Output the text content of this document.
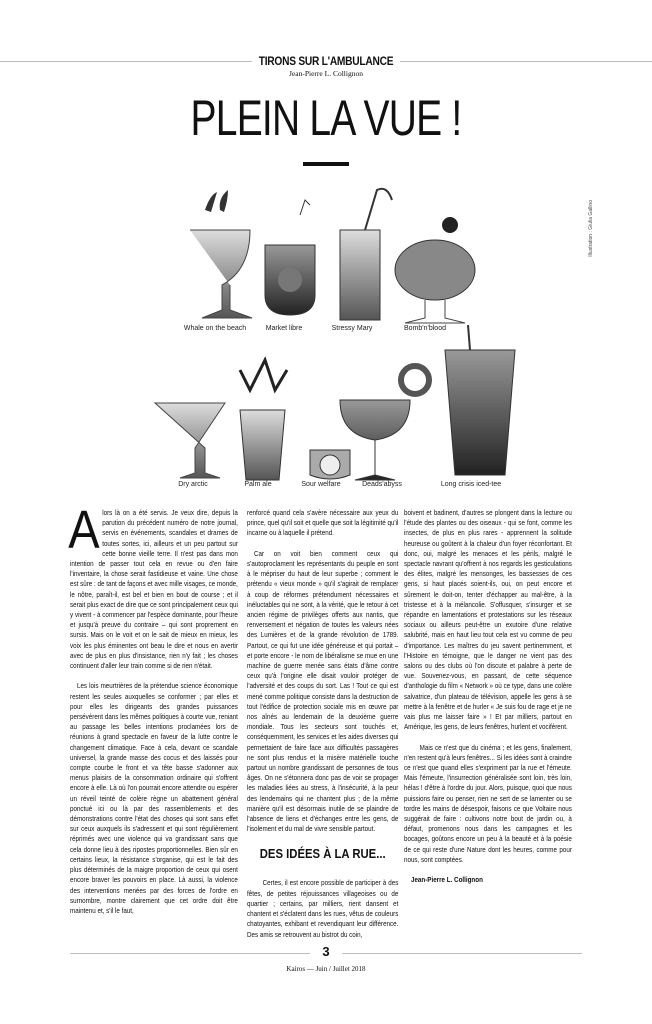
TIRONS SUR L'AMBULANCE
Jean-Pierre L. Collignon
PLEIN LA VUE !
Illustration : Giulia Gallino
Whale on the beach	Market libre	Stressy Mary	Bomb'n'blood
Dry arctic	Palm ale	Sour welfare	Deads'abyss	Long crisis iced-tee

Alors là on a été servis. Je veux dire, depuis la parution du précédent numéro de notre journal, servis en événements, scandales et drames de toutes sortes, ici, ailleurs et un peu partout sur cette bonne vieille terre. Il n'est pas dans mon intention de passer tout cela en revue ou d'en faire l'inventaire, la chose serait fastidieuse et vaine. Une chose est sûre : de tant de façons et avec mille visages, ce monde, le nôtre, paraît-il, est bel et bien en bout de course ; et il serait plus exact de dire que ce sont principalement ceux qui y vivent - à commencer par l'espèce dominante, pour l'heure et jusqu'à preuve du contraire – qui sont proprement en sursis. Mais on le voit et on le sait de mieux en mieux, les voix les plus éminentes ont beau le dire et nous en avertir avec de plus en plus d'insistance, rien n'y fait ; les choses continuent d'aller leur train comme si de rien n'était.

Les lois meurtrières de la prétendue science économique restent les seules auxquelles se conformer ; par elles et pour elles les dirigeants des grandes puissances persévèrent dans les mêmes politiques à courte vue, reniant au passage les belles intentions proclamées lors de réunions à grand spectacle en faveur de la lutte contre le changement climatique. Face à cela, devant ce scandale universel, la grande masse des cocus et des laissés pour compte courbe le front et va tête basse s'adonner aux menus plaisirs de la consommation ordinaire qui s'offrent encore à elle. Là où l'on pourrait encore attendre ou espérer un réveil teinté de colère règne un abattement général ponctué ici ou là par des rassemblements et des démonstrations contre l'état des choses qui sont sans effet sur ceux auxquels ils s'adressent et qui sont régulièrement réprimés avec une violence qui va grandissant sans que cela donne lieu à des ripostes proportionnelles. Bien sûr en certains lieux, la résistance s'organise, qui est le fait des plus déterminés de la maigre proportion de ceux qui osent encore braver les pouvoirs en place. Là aussi, la violence des interventions menées par des forces de l'ordre en surnombre, montre clairement que cet ordre doit être maintenu et, s'il le faut,

renforcé quand cela s'avère nécessaire aux yeux du prince, quel qu'il soit et quelle que soit la légitimité qu'il incarne ou à laquelle il prétend.

Car on voit bien comment ceux qui s'autoproclament les représentants du peuple en sont à le mépriser du haut de leur superbe ; comment le prétendu « vieux monde » qu'il s'agirait de remplacer à coup de réformes prétendument nécessaires et inéluctables qui ne sont, à la vérité, que le retour à cet ancien régime de privilèges offerts aux nantis, que renversement et négation de toutes les valeurs nées des Lumières et de la grande révolution de 1789. Partout, ce qui fut une idée généreuse et qui portait – et porte encore - le nom de libéralisme se mue en une machine de guerre menée sans états d'âme contre ceux qu'à l'origine elle disait vouloir protéger de l'adversité et des coups du sort. Las ! Tout ce qui est mené comme politique consiste dans la destruction de tout l'édifice de protection sociale mis en œuvre par nos aînés au lendemain de la deuxième guerre mondiale. Tous les secteurs sont touchés et, conséquemment, les services et les aides diverses qui permettaient de faire face aux difficultés passagères ne sont plus rendus et la misère matérielle touche partout un nombre grandissant de personnes de tous âges. On ne s'étonnera donc pas de voir se propager les maladies liées au stress, à l'insécurité, à la peur des lendemains qui ne chantent plus ; de la même manière qu'il est désormais inutile de se plaindre de l'absence de liens et d'échanges entre les gens, de l'isolement et du mal de vivre sensible partout.

DES IDÉES À LA RUE...

Certes, il est encore possible de participer à des fêtes, de petites réjouissances villageoises ou de quartier ; certains, par milliers, rient dansent et chantent et s'éclatent dans les rues, vêtus de couleurs chatoyantes, exhibant et revendiquant leur différence. Des amis se retrouvent au bistrot du coin,

boivent et badinent, d'autres se plongent dans la lecture ou l'étude des plantes ou des oiseaux - qui se font, comme les insectes, de plus en plus rares - apprennent la solitude heureuse ou goûtent à la chaleur d'un foyer réconfortant. Et donc, oui, malgré les menaces et les périls, malgré le spectacle navrant qu'offrent à nos regards les gesticulations des élites, malgré les mensonges, les bassesses de ces gens, si haut placés soient-ils, oui, on peut encore et sûrement le doit-on, tenter d'échapper au mal-être, à la tristesse et à la mélancolie. S'offusquer, s'insurger et se répandre en lamentations et protestations sur les réseaux sociaux ou ailleurs peut-être un exutoire d'une relative salubrité, mais en haut lieu tout cela est vu comme de peu d'importance. Les maîtres du jeu savent pertinemment, et l'Histoire en témoigne, que le danger ne vient pas des salons ou des clubs où l'on discute et palabre à perte de vue. Souvenez-vous, en passant, de cette séquence d'anthologie du film « Network » où ce type, dans une colère salvatrice, d'un plateau de télévision, appelle les gens à se mettre à la fenêtre et de hurler « Je suis fou de rage et je ne vais plus me laisser faire » ! Et par milliers, partout en Amérique, les gens, de leurs fenêtres, hurlent et vocifèrent.

Mais ce n'est que du cinéma ; et les gens, finalement, n'en restent qu'à leurs fenêtres... Si les idées sont à craindre ce n'est que quand elles s'expriment par la rue et l'émeute. Mais l'émeute, l'insurrection généralisée sont loin, très loin, hélas ! d'être à l'ordre du jour. Alors, puisque, quoi que nous puissions faire ou penser, rien ne sert de se lamenter ou se tordre les mains de désespoir, faisons ce que Voltaire nous suggérait de faire : cultivons notre bout de jardin ou, à défaut, promenons nous dans les campagnes et les bocages, goûtons encore un peu à la beauté et à la poésie de ce qui reste d'une Nature dont les heures, comme pour nous, sont comptées.

Jean-Pierre L. Collignon

3
Kairos — Juin / Juillet 2018
